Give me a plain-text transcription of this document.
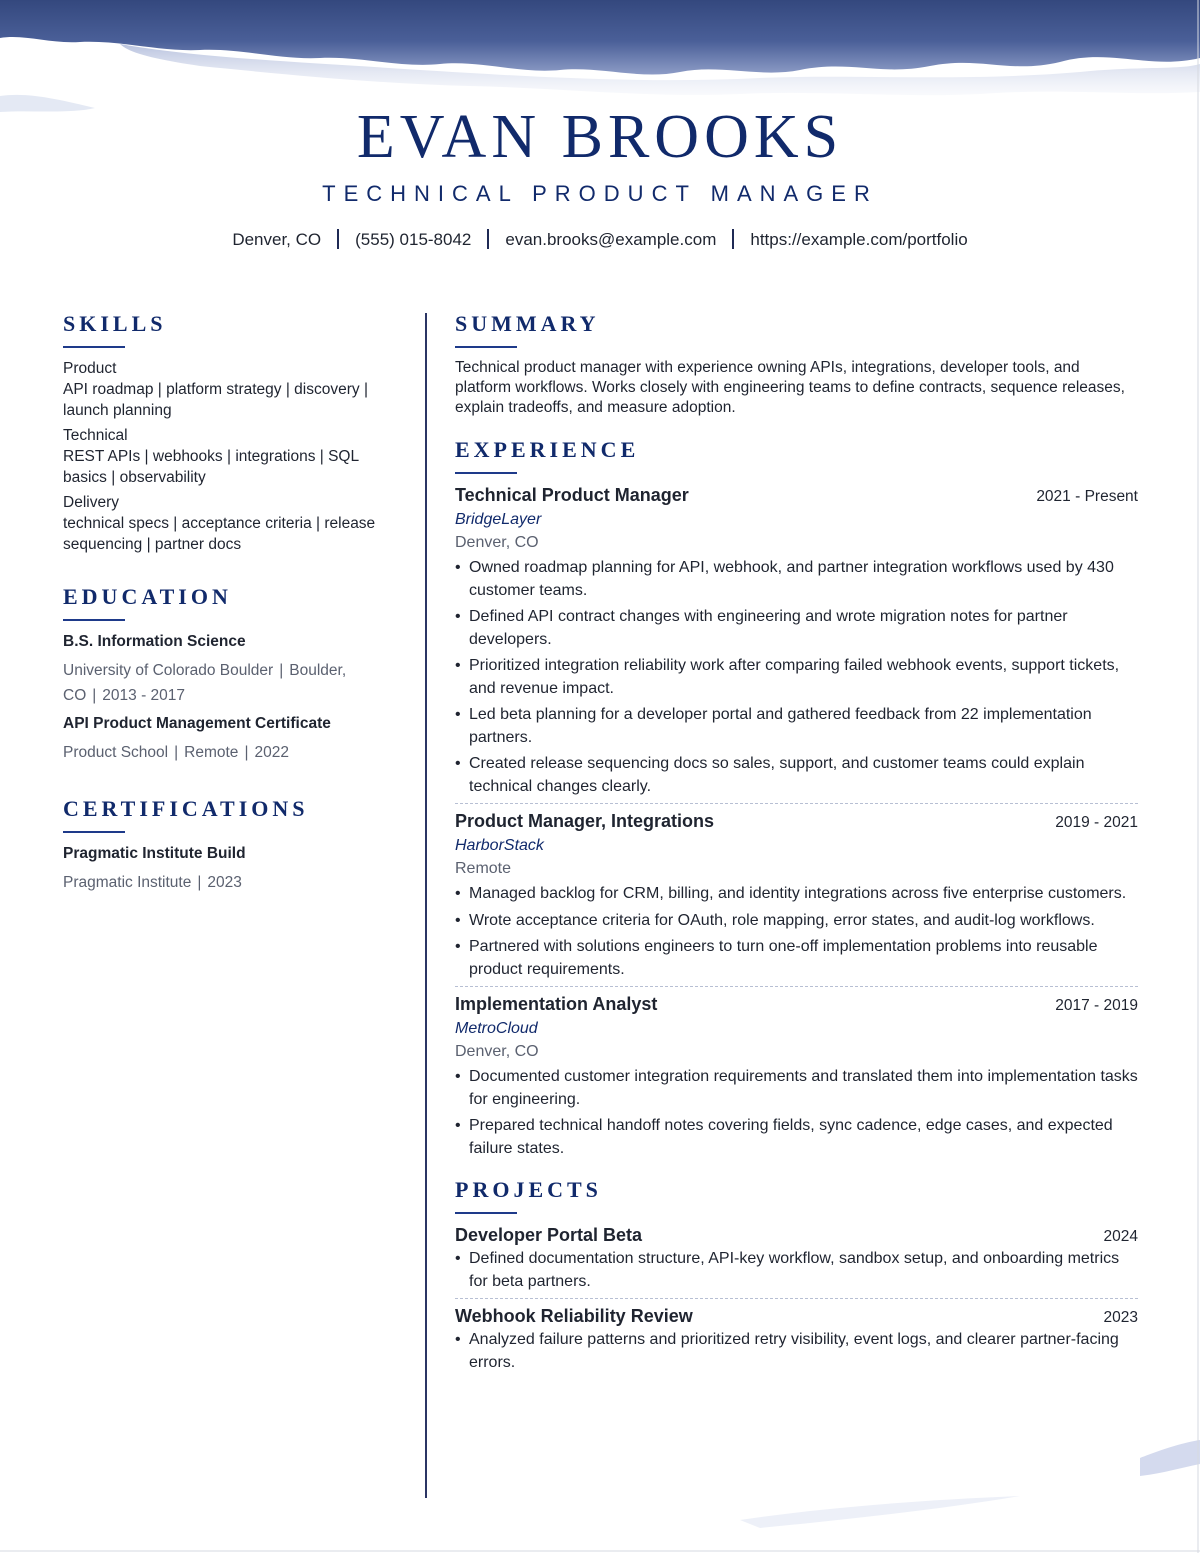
EVAN BROOKS
TECHNICAL PRODUCT MANAGER
Denver, CO (555) 015-8042 evan.brooks@example.com https://example.com/portfolio
SKILLS
Product
API roadmap | platform strategy | discovery | launch planning
Technical
REST APIs | webhooks | integrations | SQL basics | observability
Delivery
technical specs | acceptance criteria | release sequencing | partner docs
EDUCATION
B.S. Information Science
University of Colorado Boulder | Boulder, CO | 2013 - 2017
API Product Management Certificate
Product School | Remote | 2022
CERTIFICATIONS
Pragmatic Institute Build
Pragmatic Institute | 2023
SUMMARY

Technical product manager with experience owning APIs, integrations, developer tools, and platform workflows. Works closely with engineering teams to define contracts, sequence releases, explain tradeoffs, and measure adoption.

EXPERIENCE
Technical Product Manager	2021 - Present
BridgeLayer
Denver, CO
• Owned roadmap planning for API, webhook, and partner integration workflows used by 430 customer teams.
• Defined API contract changes with engineering and wrote migration notes for partner developers.
• Prioritized integration reliability work after comparing failed webhook events, support tickets, and revenue impact.
• Led beta planning for a developer portal and gathered feedback from 22 implementation partners.
• Created release sequencing docs so sales, support, and customer teams could explain technical changes clearly.
Product Manager, Integrations	2019 - 2021
HarborStack
Remote
• Managed backlog for CRM, billing, and identity integrations across five enterprise customers.
• Wrote acceptance criteria for OAuth, role mapping, error states, and audit-log workflows.
• Partnered with solutions engineers to turn one-off implementation problems into reusable product requirements.
Implementation Analyst	2017 - 2019
MetroCloud
Denver, CO
• Documented customer integration requirements and translated them into implementation tasks for engineering.
• Prepared technical handoff notes covering fields, sync cadence, edge cases, and expected failure states.
PROJECTS
Developer Portal Beta	2024
• Defined documentation structure, API-key workflow, sandbox setup, and onboarding metrics for beta partners.
Webhook Reliability Review	2023
• Analyzed failure patterns and prioritized retry visibility, event logs, and clearer partner-facing errors.
